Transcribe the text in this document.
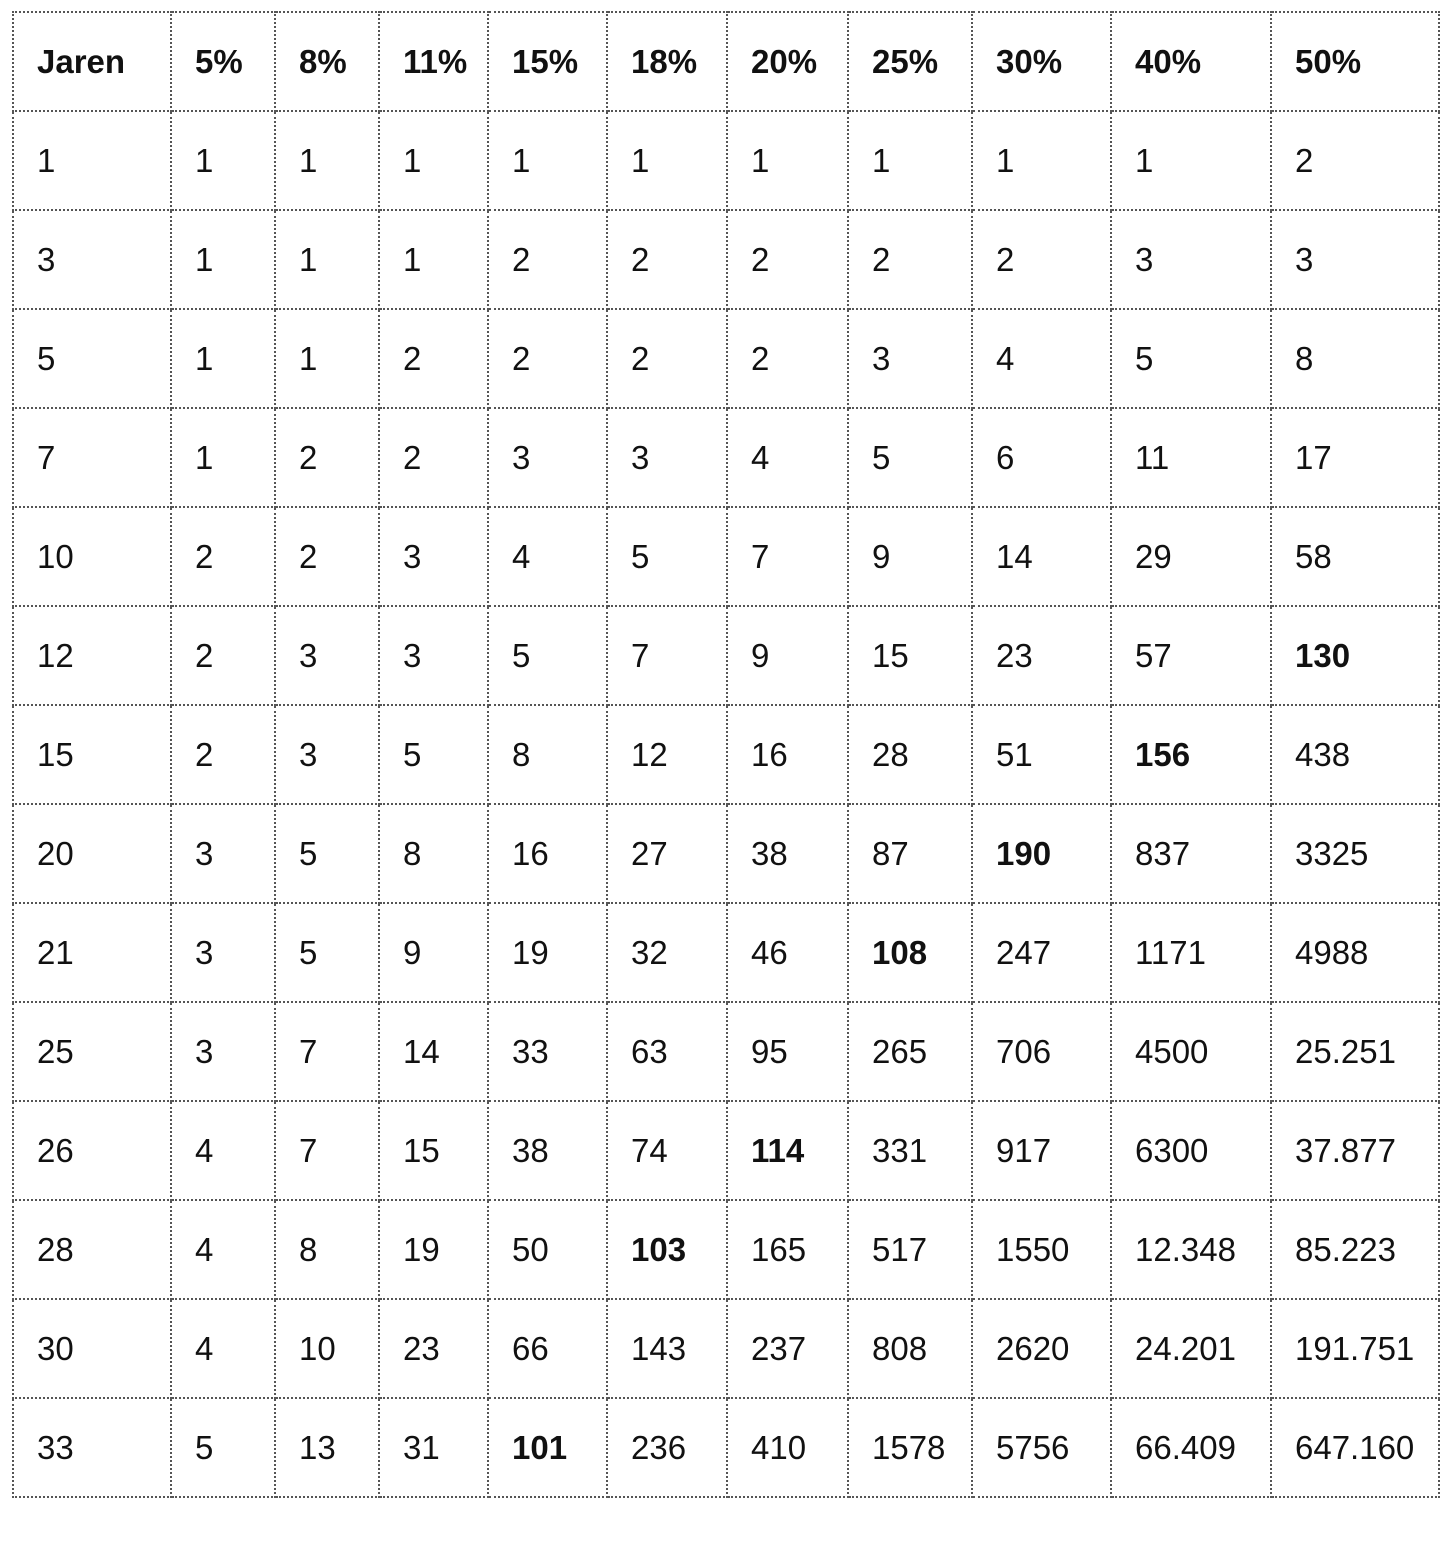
Jaren	5%	8%	11%	15%	18%	20%	25%	30%	40%	50%
1	1	1	1	1	1	1	1	1	1	2
3	1	1	1	2	2	2	2	2	3	3
5	1	1	2	2	2	2	3	4	5	8
7	1	2	2	3	3	4	5	6	11	17
10	2	2	3	4	5	7	9	14	29	58
12	2	3	3	5	7	9	15	23	57	130
15	2	3	5	8	12	16	28	51	156	438
20	3	5	8	16	27	38	87	190	837	3325
21	3	5	9	19	32	46	108	247	1171	4988
25	3	7	14	33	63	95	265	706	4500	25.251
26	4	7	15	38	74	114	331	917	6300	37.877
28	4	8	19	50	103	165	517	1550	12.348	85.223
30	4	10	23	66	143	237	808	2620	24.201	191.751
33	5	13	31	101	236	410	1578	5756	66.409	647.160
